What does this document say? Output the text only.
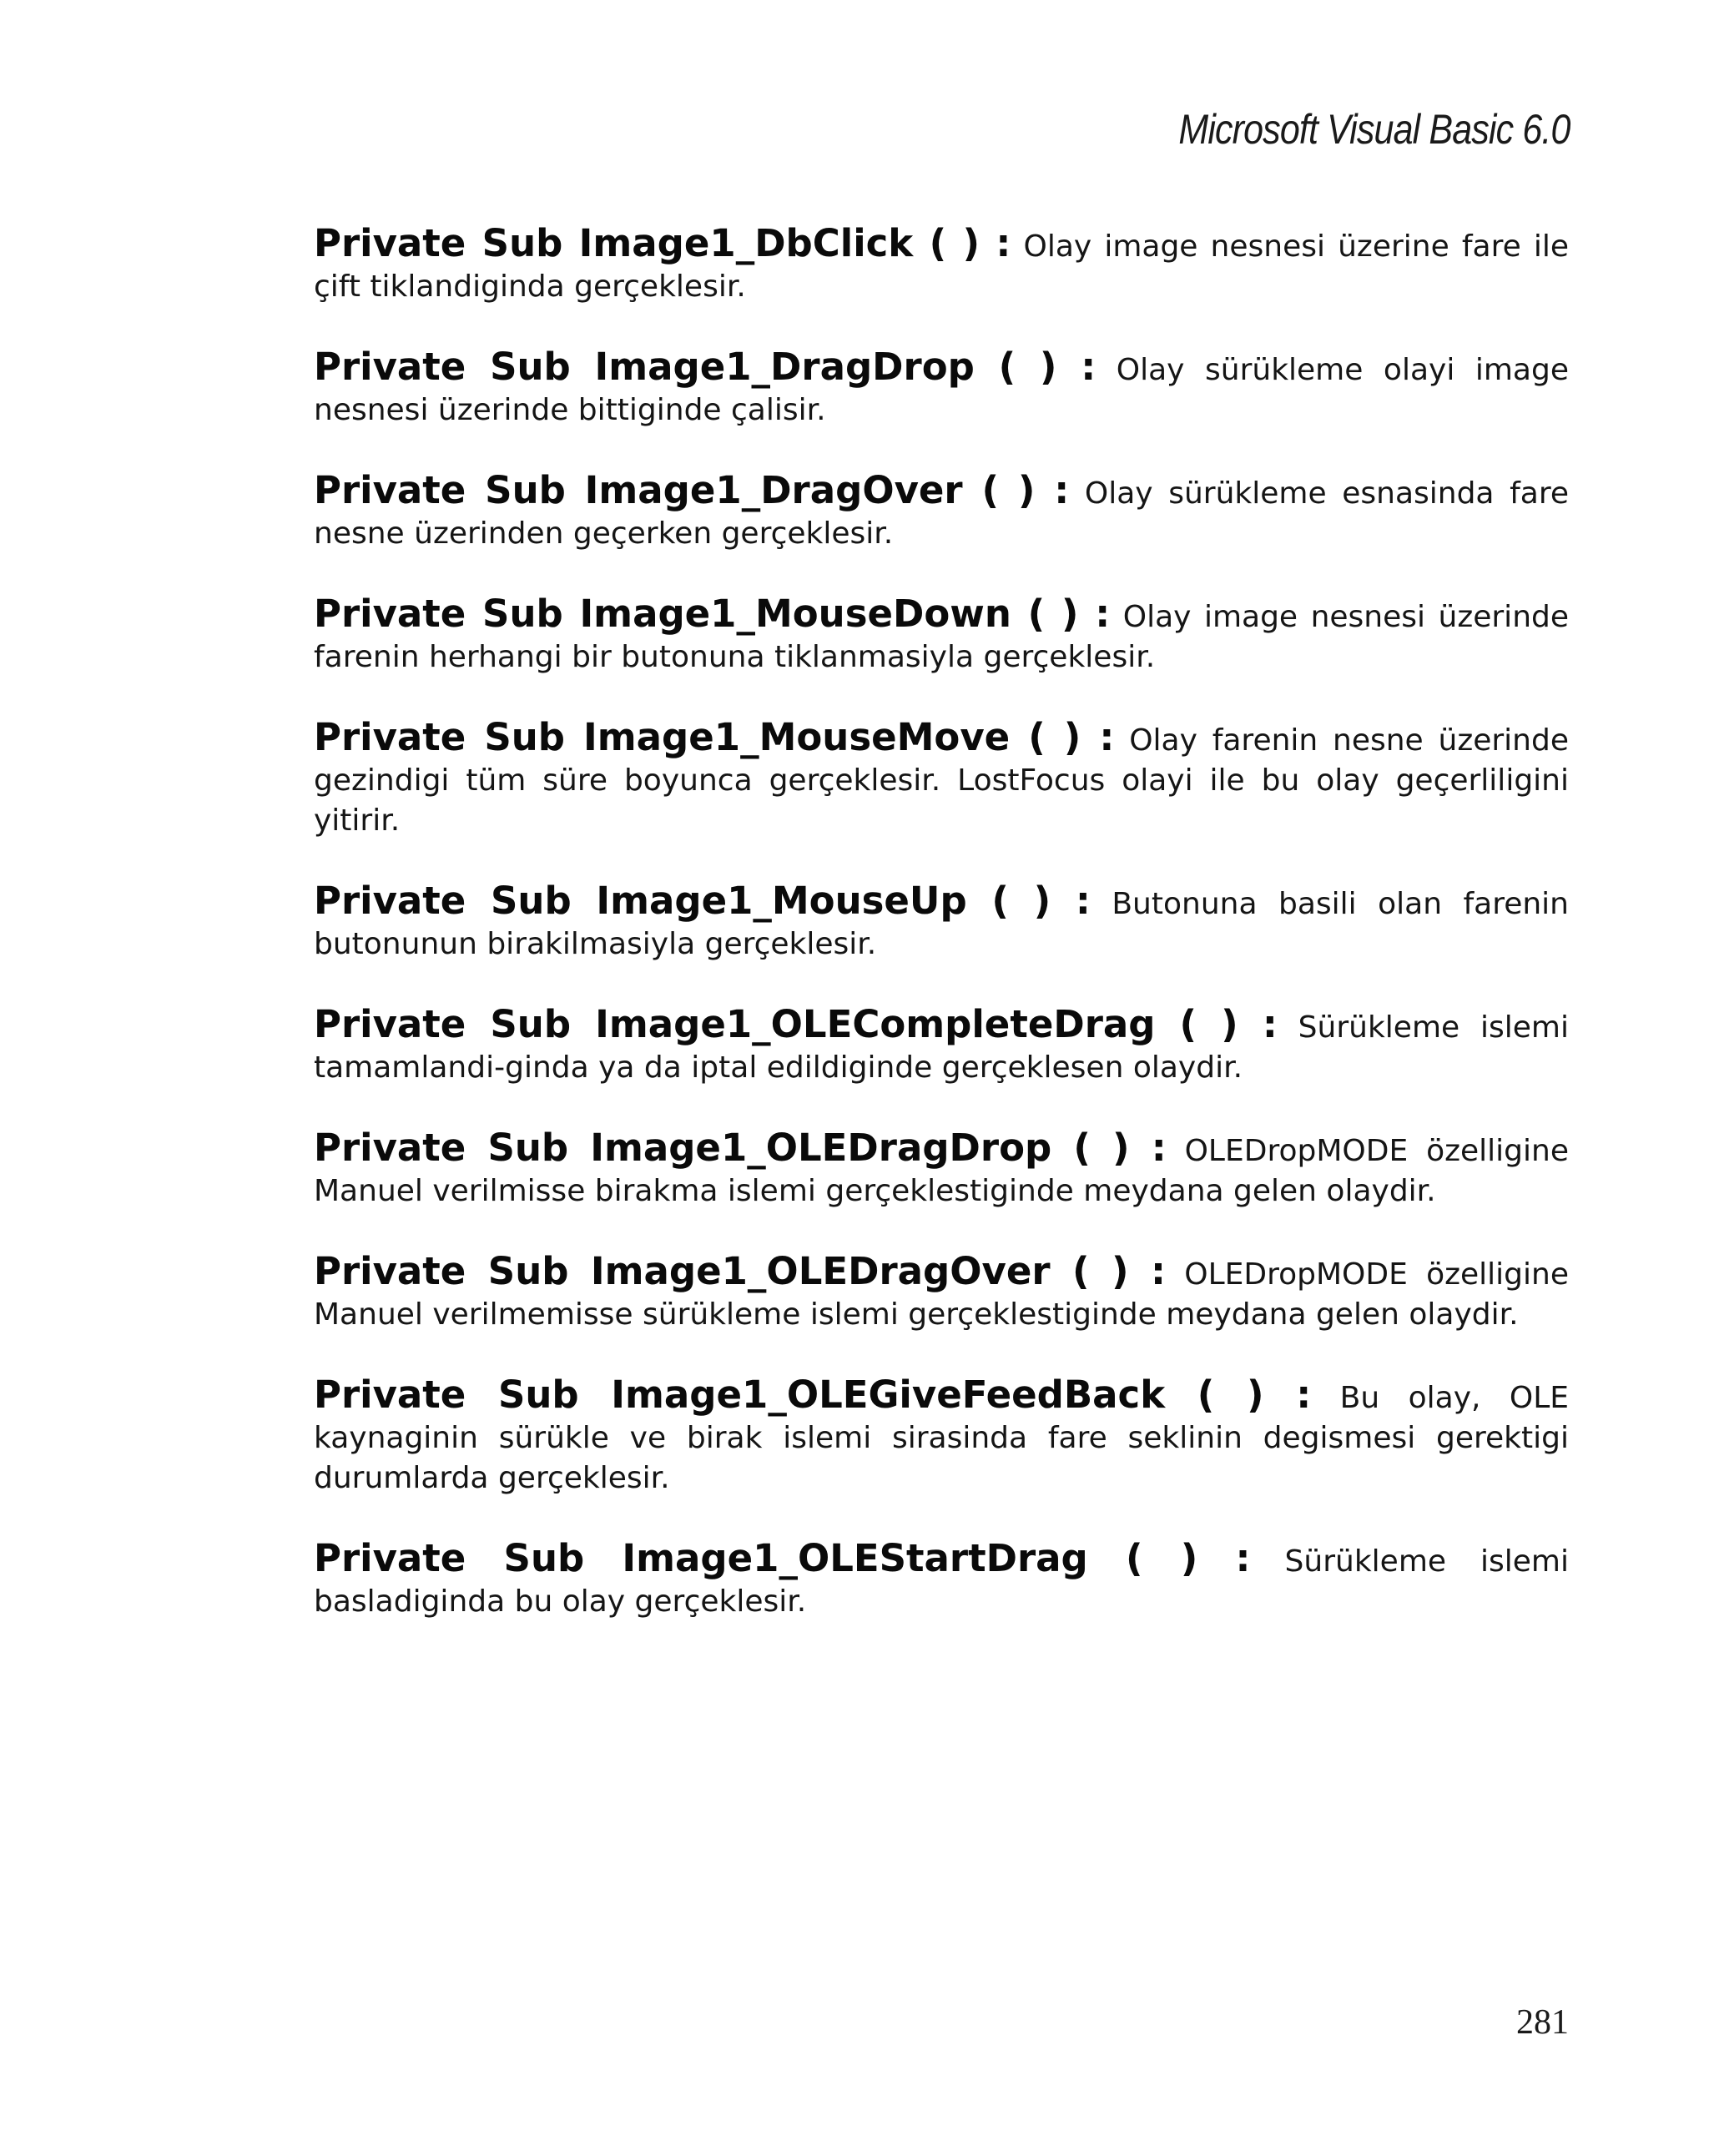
Microsoft Visual Basic 6.0

Private Sub Image1_DbClick ( ) : Olay image nesnesi üzerine fare ile çift tiklandiginda gerçeklesir.

Private Sub Image1_DragDrop ( ) : Olay sürükleme olayi image nesnesi üzerinde bittiginde çalisir.

Private Sub Image1_DragOver ( ) : Olay sürükleme esnasinda fare nesne üzerinden geçerken gerçeklesir.

Private Sub Image1_MouseDown ( ) : Olay image nesnesi üzerinde farenin herhangi bir butonuna tiklanmasiyla gerçeklesir.

Private Sub Image1_MouseMove ( ) : Olay farenin nesne üzerinde gezindigi tüm süre boyunca gerçeklesir. LostFocus olayi ile bu olay geçerliligini yitirir.

Private Sub Image1_MouseUp ( ) : Butonuna basili olan farenin butonunun birakilmasiyla gerçeklesir.

Private Sub Image1_OLECompleteDrag ( ) : Sürükleme islemi tamamlandi-ginda ya da iptal edildiginde gerçeklesen olaydir.

Private Sub Image1_OLEDragDrop ( ) : OLEDropMODE özelligine Manuel verilmisse birakma islemi gerçeklestiginde meydana gelen olaydir.

Private Sub Image1_OLEDragOver ( ) : OLEDropMODE özelligine Manuel verilmemisse sürükleme islemi gerçeklestiginde meydana gelen olaydir.

Private Sub Image1_OLEGiveFeedBack ( ) : Bu olay, OLE kaynaginin sürükle ve birak islemi sirasinda fare seklinin degismesi gerektigi durumlarda gerçeklesir.

Private Sub Image1_OLEStartDrag ( ) : Sürükleme islemi basladiginda bu olay gerçeklesir.

281
